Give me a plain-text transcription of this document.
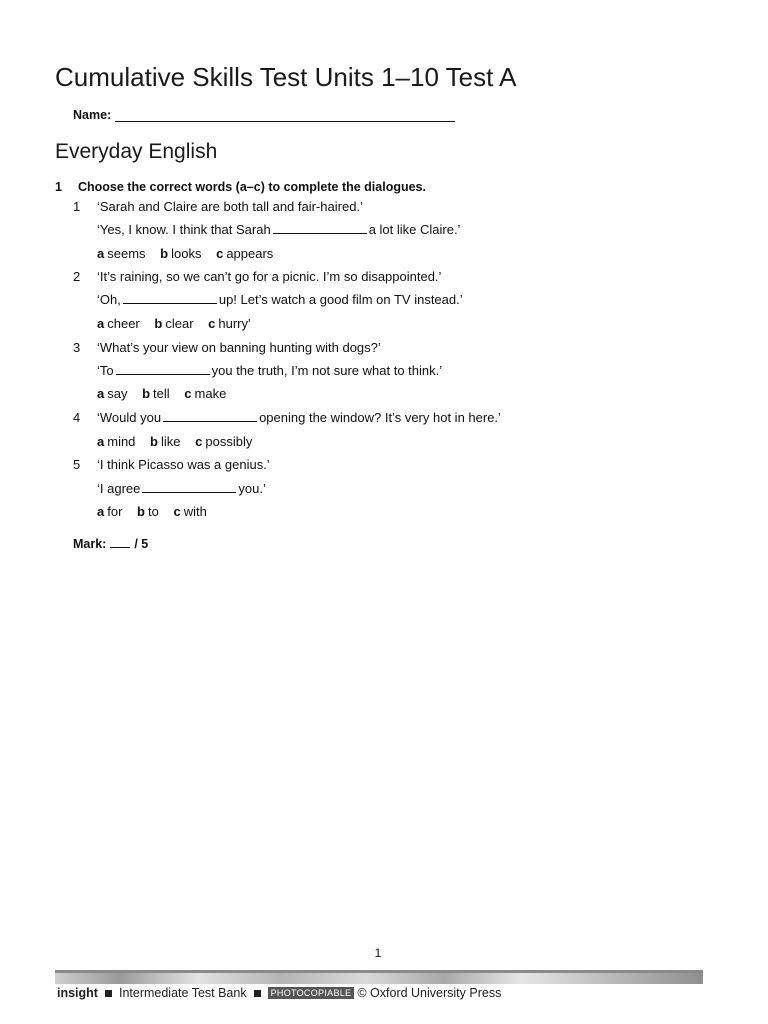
Cumulative Skills Test Units 1–10 Test A
Name:
Everyday English
1 Choose the correct words (a–c) to complete the dialogues.
1 ‘Sarah and Claire are both tall and fair-haired.’
‘Yes, I know. I think that Sarah	a lot like Claire.’
a seems b looks c appears
2 ‘It’s raining, so we can’t go for a picnic. I’m so disappointed.’
‘Oh,	up! Let’s watch a good film on TV instead.’
a cheer b clear c hurry'
3 ‘What’s your view on banning hunting with dogs?’
‘To	you the truth, I’m not sure what to think.’
a say b tell c make
4 ‘Would you	opening the window? It’s very hot in here.’
a mind b like c possibly
5 ‘I think Picasso was a genius.’
‘I agree	you.’
a for b to c with
Mark: / 5
1
insight Intermediate Test Bank	PHOTOCOPIABLE © Oxford University Press
